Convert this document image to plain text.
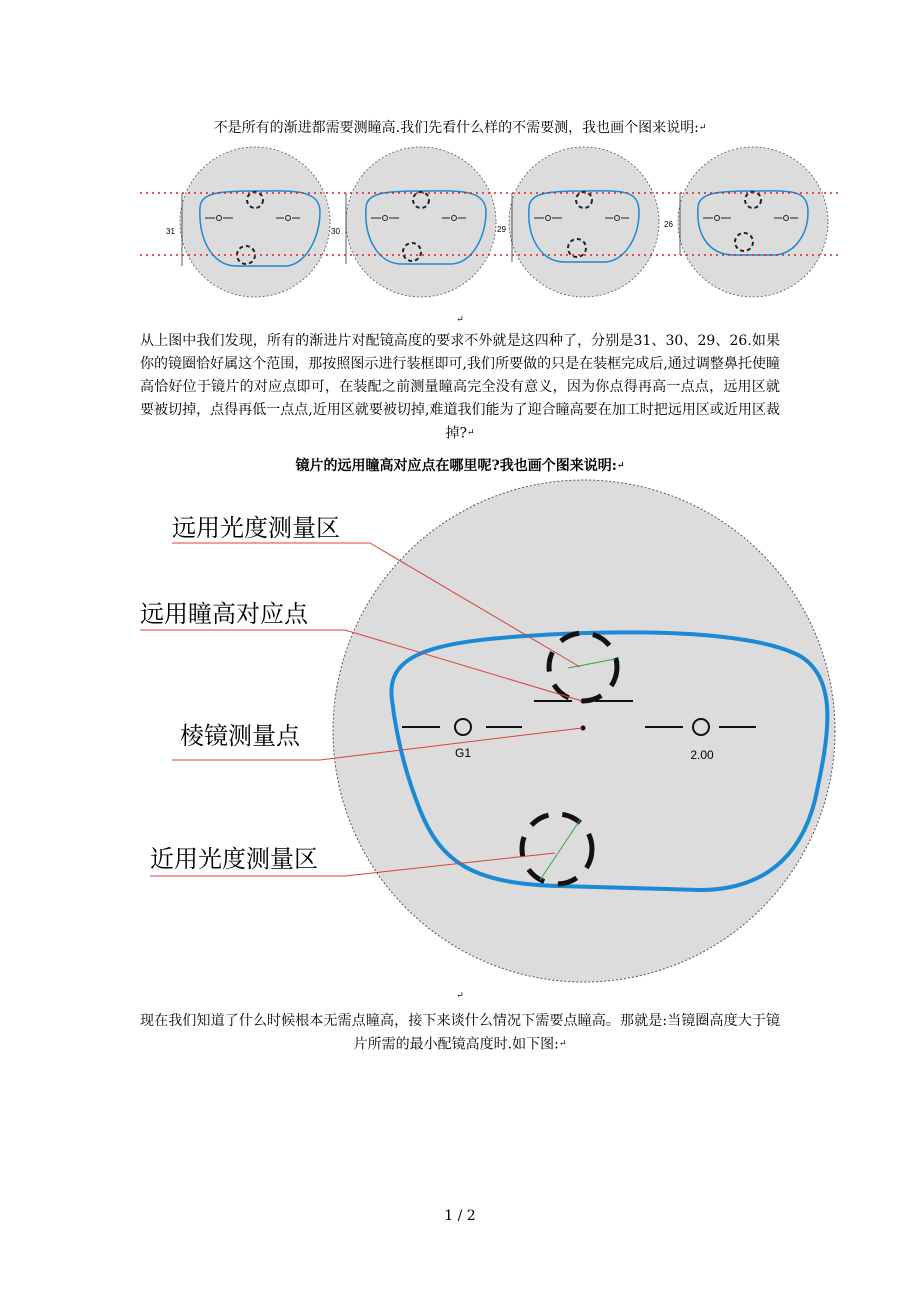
不是所有的渐进都需要测瞳高.我们先看什么样的不需要测，我也画个图来说明:↵
31	30	29
26
↵
从上图中我们发现，所有的渐进片对配镜高度的要求不外就是这四种了，分别是31、30、29、26.如果你的镜圈恰好属这个范围，那按照图示进行装框即可,我们所要做的只是在装框完成后,通过调整鼻托使瞳高恰好位于镜片的对应点即可，在装配之前测量瞳高完全没有意义，因为你点得再高一点点，远用区就要被切掉，点得再低一点点,近用区就要被切掉,难道我们能为了迎合瞳高要在加工时把远用区或近用区裁掉?↵
镜片的远用瞳高对应点在哪里呢?我也画个图来说明:↵
G1	2.00
远用光度测量区
远用瞳高对应点
棱镜测量点
近用光度测量区
↵
现在我们知道了什么时候根本无需点瞳高，接下来谈什么情况下需要点瞳高。那就是:当镜圈高度大于镜片所需的最小配镜高度时.如下图:↵
1 / 2
